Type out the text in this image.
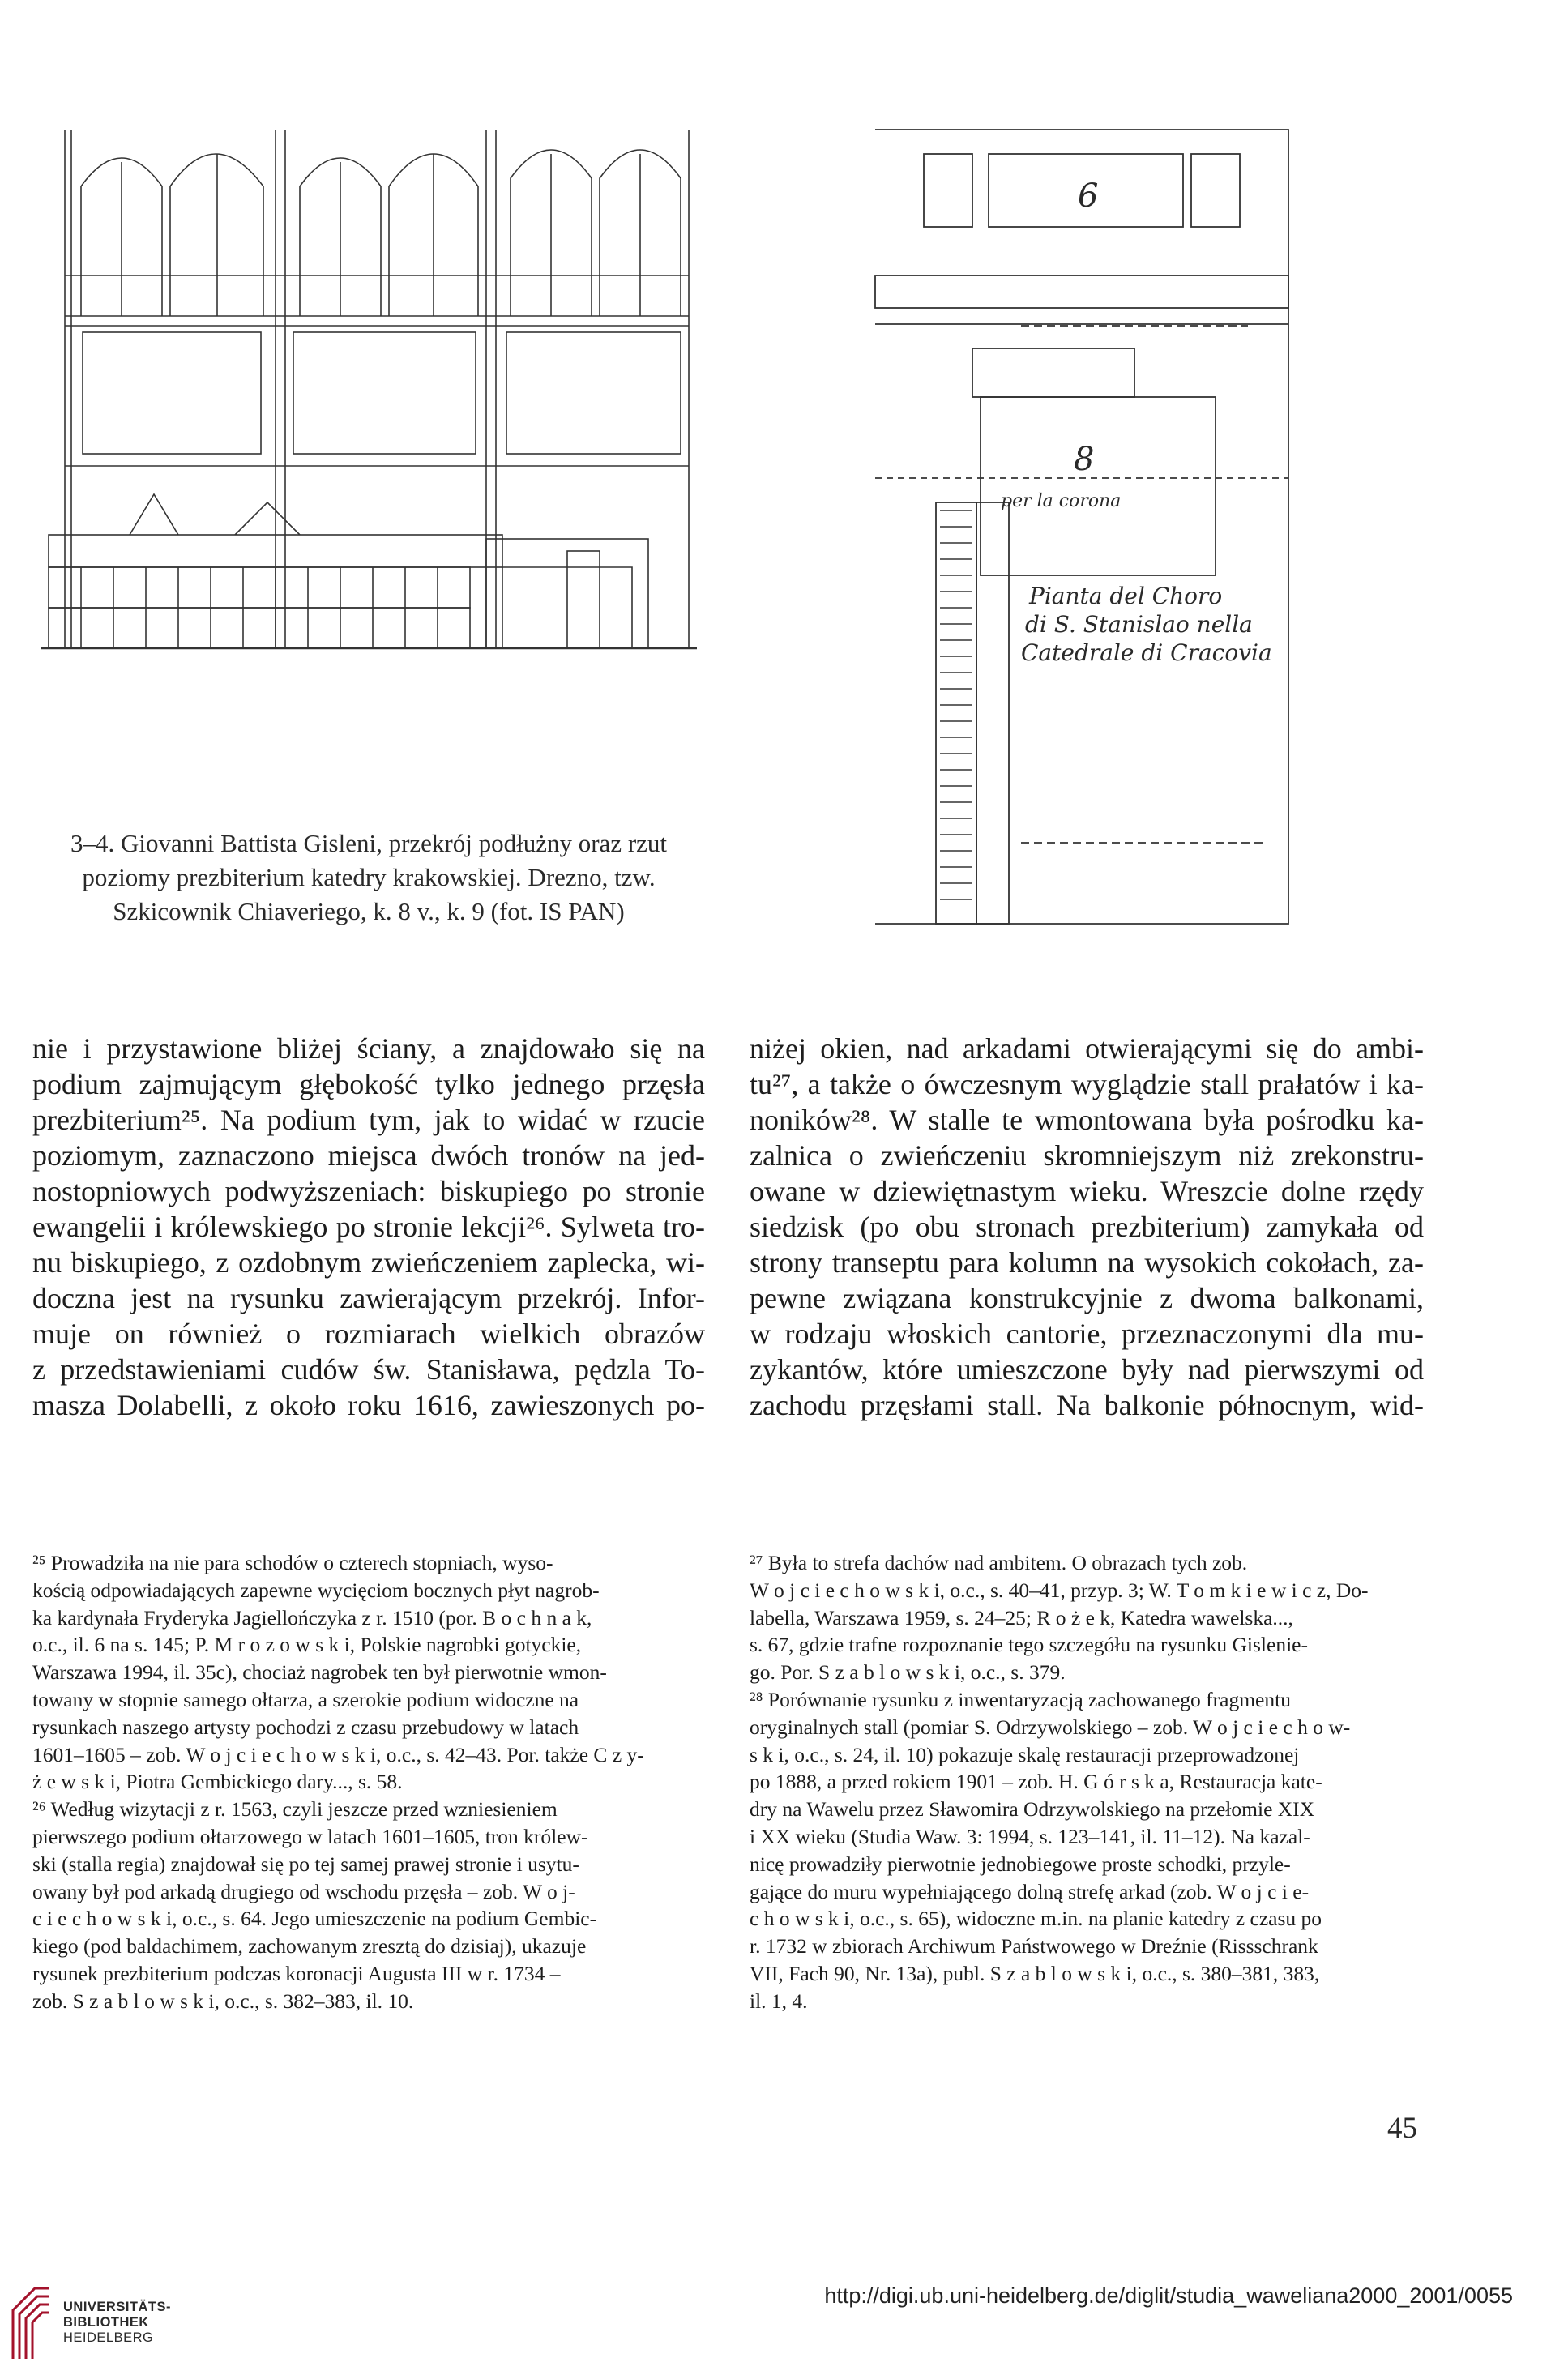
6
8
per la corona
Pianta del Choro
di S. Stanislao nella
Catedrale di Cracovia
3–4. Giovanni Battista Gisleni, przekrój podłużny oraz rzut
poziomy prezbiterium katedry krakowskiej. Drezno, tzw.
Szkicownik Chiaveriego, k. 8 v., k. 9 (fot. IS PAN)
nie i przystawione bliżej ściany, a znajdowało się na
podium zajmującym głębokość tylko jednego przęsła
prezbiterium²⁵. Na podium tym, jak to widać w rzucie
poziomym, zaznaczono miejsca dwóch tronów na jed-
nostopniowych podwyższeniach: biskupiego po stronie
ewangelii i królewskiego po stronie lekcji²⁶. Sylweta tro-
nu biskupiego, z ozdobnym zwieńczeniem zaplecka, wi-
doczna jest na rysunku zawierającym przekrój. Infor-
muje on również o rozmiarach wielkich obrazów
z przedstawieniami cudów św. Stanisława, pędzla To-
masza Dolabelli, z około roku 1616, zawieszonych po-
niżej okien, nad arkadami otwierającymi się do ambi-
tu²⁷, a także o ówczesnym wyglądzie stall prałatów i ka-
noników²⁸. W stalle te wmontowana była pośrodku ka-
zalnica o zwieńczeniu skromniejszym niż zrekonstru-
owane w dziewiętnastym wieku. Wreszcie dolne rzędy
siedzisk (po obu stronach prezbiterium) zamykała od
strony transeptu para kolumn na wysokich cokołach, za-
pewne związana konstrukcyjnie z dwoma balkonami,
w rodzaju włoskich cantorie, przeznaczonymi dla mu-
zykantów, które umieszczone były nad pierwszymi od
zachodu przęsłami stall. Na balkonie północnym, wid-
²⁵ Prowadziła na nie para schodów o czterech stopniach, wyso-
kością odpowiadających zapewne wycięciom bocznych płyt nagrob-
ka kardynała Fryderyka Jagiellończyka z r. 1510 (por. B o c h n a k,
o.c., il. 6 na s. 145; P. M r o z o w s k i, Polskie nagrobki gotyckie,
Warszawa 1994, il. 35c), chociaż nagrobek ten był pierwotnie wmon-
towany w stopnie samego ołtarza, a szerokie podium widoczne na
rysunkach naszego artysty pochodzi z czasu przebudowy w latach
1601–1605 – zob. W o j c i e c h o w s k i, o.c., s. 42–43. Por. także C z y-
ż e w s k i, Piotra Gembickiego dary..., s. 58.
²⁶ Według wizytacji z r. 1563, czyli jeszcze przed wzniesieniem
pierwszego podium ołtarzowego w latach 1601–1605, tron królew-
ski (stalla regia) znajdował się po tej samej prawej stronie i usytu-
owany był pod arkadą drugiego od wschodu przęsła – zob. W o j-
c i e c h o w s k i, o.c., s. 64. Jego umieszczenie na podium Gembic-
kiego (pod baldachimem, zachowanym zresztą do dzisiaj), ukazuje
rysunek prezbiterium podczas koronacji Augusta III w r. 1734 –
zob. S z a b l o w s k i, o.c., s. 382–383, il. 10.
²⁷ Była to strefa dachów nad ambitem. O obrazach tych zob.
W o j c i e c h o w s k i, o.c., s. 40–41, przyp. 3; W. T o m k i e w i c z, Do-
labella, Warszawa 1959, s. 24–25; R o ż e k, Katedra wawelska...,
s. 67, gdzie trafne rozpoznanie tego szczegółu na rysunku Gislenie-
go. Por. S z a b l o w s k i, o.c., s. 379.
²⁸ Porównanie rysunku z inwentaryzacją zachowanego fragmentu
oryginalnych stall (pomiar S. Odrzywolskiego – zob. W o j c i e c h o w-
s k i, o.c., s. 24, il. 10) pokazuje skalę restauracji przeprowadzonej
po 1888, a przed rokiem 1901 – zob. H. G ó r s k a, Restauracja kate-
dry na Wawelu przez Sławomira Odrzywolskiego na przełomie XIX
i XX wieku (Studia Waw. 3: 1994, s. 123–141, il. 11–12). Na kazal-
nicę prowadziły pierwotnie jednobiegowe proste schodki, przyle-
gające do muru wypełniającego dolną strefę arkad (zob. W o j c i e-
c h o w s k i, o.c., s. 65), widoczne m.in. na planie katedry z czasu po
r. 1732 w zbiorach Archiwum Państwowego w Dreźnie (Rissschrank
VII, Fach 90, Nr. 13a), publ. S z a b l o w s k i, o.c., s. 380–381, 383,
il. 1, 4.
45
UNIVERSITÄTS-
BIBLIOTHEK
HEIDELBERG
http://digi.ub.uni-heidelberg.de/diglit/studia_waweliana2000_2001/0055
